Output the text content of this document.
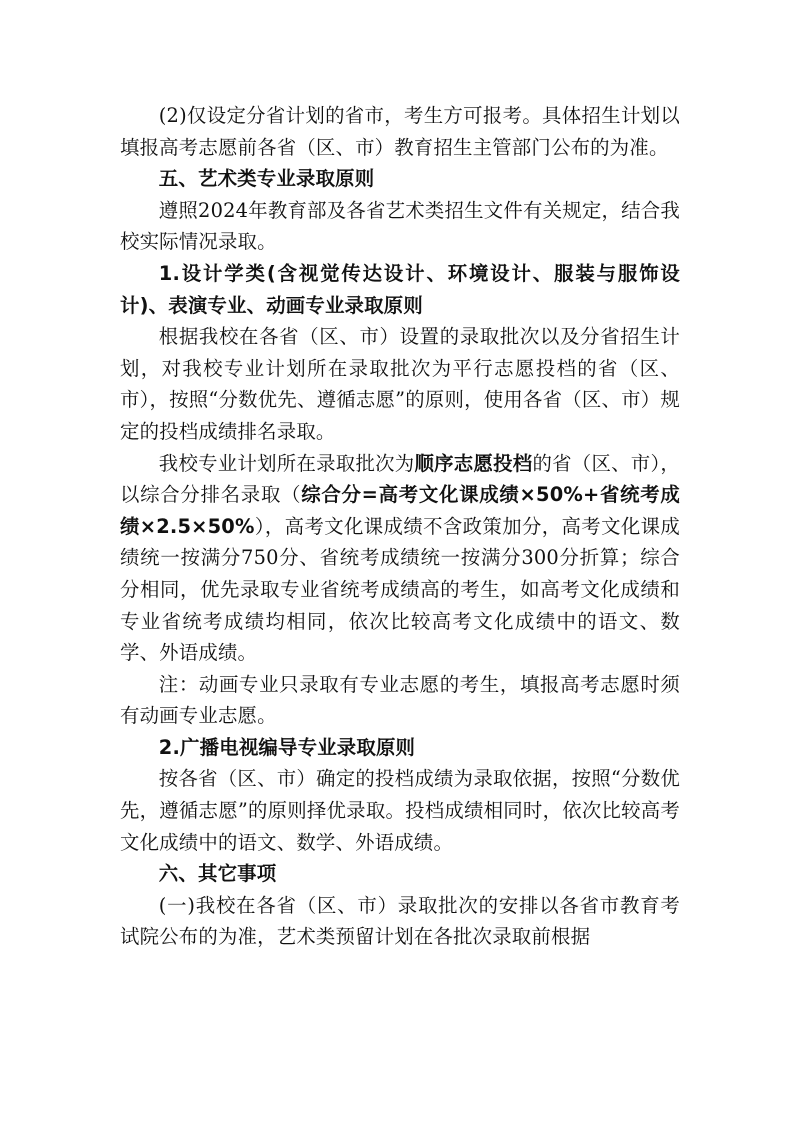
(2)仅设定分省计划的省市，考生方可报考。具体招生计划以填报高考志愿前各省（区、市）教育招生主管部门公布的为准。

五、艺术类专业录取原则

遵照2024年教育部及各省艺术类招生文件有关规定，结合我校实际情况录取。

1.设计学类(含视觉传达设计、环境设计、服装与服饰设计)、表演专业、动画专业录取原则

根据我校在各省（区、市）设置的录取批次以及分省招生计划，对我校专业计划所在录取批次为平行志愿投档的省（区、市），按照“分数优先、遵循志愿”的原则，使用各省（区、市）规定的投档成绩排名录取。

我校专业计划所在录取批次为顺序志愿投档的省（区、市），以综合分排名录取（综合分=高考文化课成绩×50%+省统考成绩×2.5×50%），高考文化课成绩不含政策加分，高考文化课成绩统一按满分750分、省统考成绩统一按满分300分折算；综合分相同，优先录取专业省统考成绩高的考生，如高考文化成绩和专业省统考成绩均相同，依次比较高考文化成绩中的语文、数学、外语成绩。

注：动画专业只录取有专业志愿的考生，填报高考志愿时须有动画专业志愿。

2.广播电视编导专业录取原则

按各省（区、市）确定的投档成绩为录取依据，按照“分数优先，遵循志愿”的原则择优录取。投档成绩相同时，依次比较高考文化成绩中的语文、数学、外语成绩。

六、其它事项

(一)我校在各省（区、市）录取批次的安排以各省市教育考试院公布的为准，艺术类预留计划在各批次录取前根据
